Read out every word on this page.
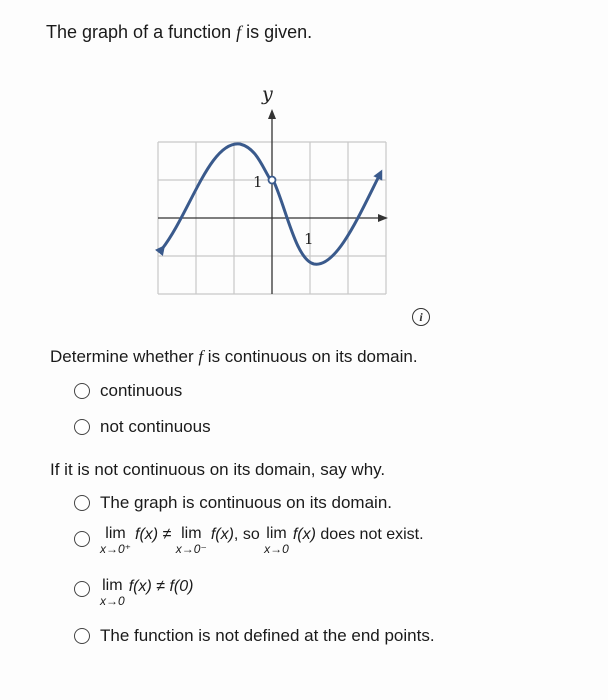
The graph of a function f is given.
y
1
1
i
Determine whether f is continuous on its domain.
continuous
not continuous
If it is not continuous on its domain, say why.
The graph is continuous on its domain.
lim
x→0⁺
f(x) ≠ lim
x→0⁻
f(x) , so lim
x→0
f(x) does not exist.
lim
x→0
f(x) ≠ f(0)
The function is not defined at the end points.
